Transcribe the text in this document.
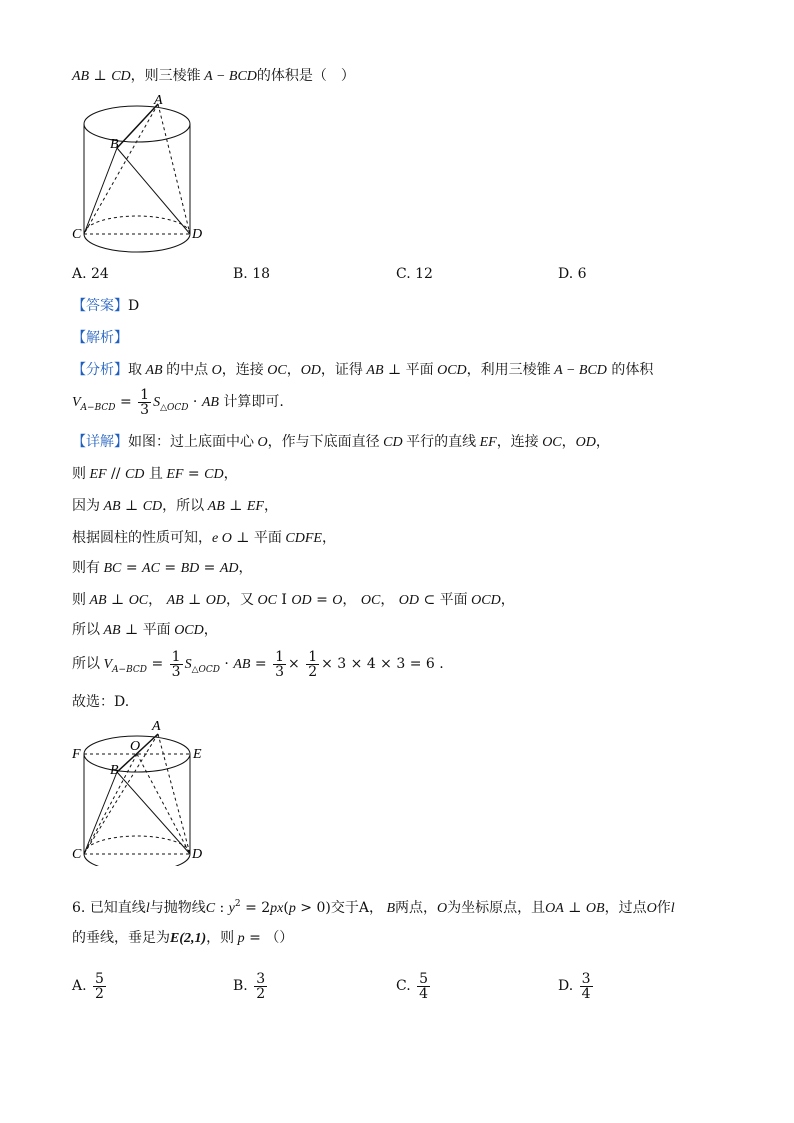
AB ⊥ CD，则三棱锥 A − BCD的体积是（　）
A
B
C	D
A. 24	B. 18	C. 12	D. 6
【答案】D
【解析】
【分析】取 AB 的中点 O，连接 OC，OD，证得 AB ⊥ 平面 OCD，利用三棱锥 A − BCD 的体积
$V_{A-BCD} = \frac{1}{3} S_{\triangle OCD}$ · AB 计算即可.
【详解】如图：过上底面中心 O，作与下底面直径 CD 平行的直线 EF，连接 OC，OD，
则 EF // CD 且 EF = CD，
因为 AB ⊥ CD，所以 AB ⊥ EF，
根据圆柱的性质可知，e O ⊥ 平面 CDFE，
则有 BC = AC = BD = AD，
则 AB ⊥ OC， AB ⊥ OD，又 OC I OD = O， OC， OD ⊂ 平面 OCD，
所以 AB ⊥ 平面 OCD，
所以 $V_{A-BCD} = \frac{1}{3} S_{\triangle OCD}$ · AB = $\frac{1}{3} \times \frac{1}{2} \times 3 \times 4 \times 3 = 6$ .
故选：D.
A
B
O
F	E
C	D
6. 已知直线l与抛物线C : $y^2 = 2px(p > 0)$交于A， B两点，O为坐标原点，且OA ⊥ OB，过点O作l
的垂线，垂足为E(2,1)，则 p = （）
A. $\frac{5}{2}$	B. $\frac{3}{2}$	C. $\frac{5}{4}$	D. $\frac{3}{4}$
